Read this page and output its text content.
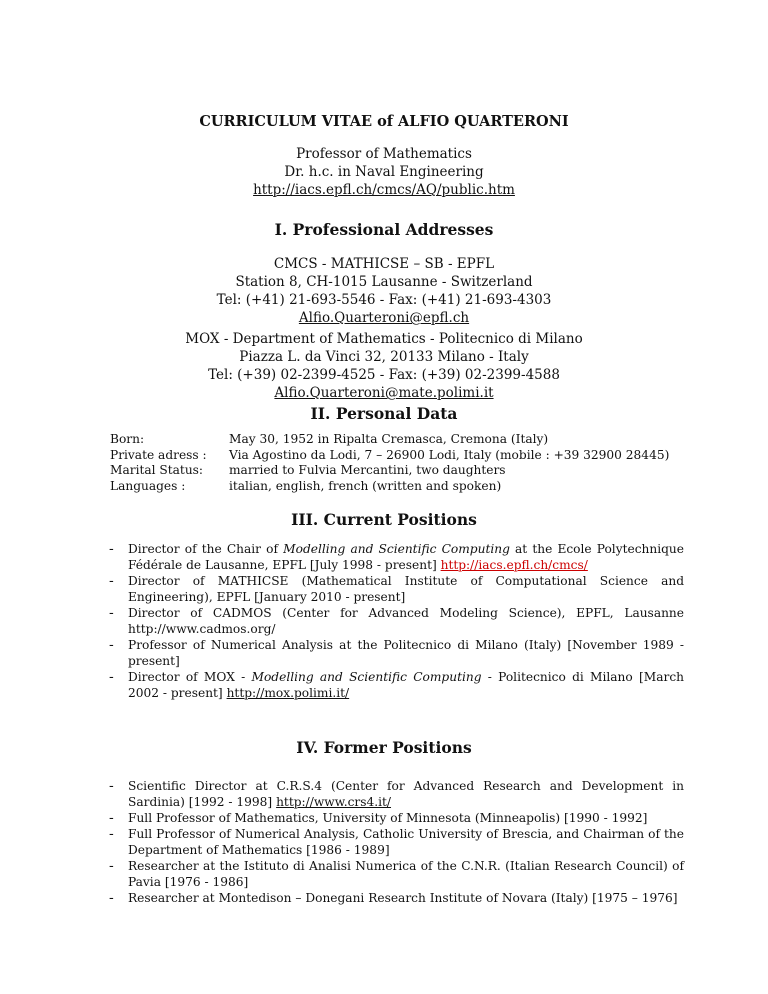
CURRICULUM VITAE of ALFIO QUARTERONI
Professor of Mathematics
Dr. h.c. in Naval Engineering
http://iacs.epfl.ch/cmcs/AQ/public.htm
I. Professional Addresses
CMCS - MATHICSE – SB - EPFL
Station 8, CH-1015 Lausanne - Switzerland
Tel: (+41) 21-693-5546 - Fax: (+41) 21-693-4303
Alfio.Quarteroni@epfl.ch
MOX - Department of Mathematics - Politecnico di Milano
Piazza L. da Vinci 32, 20133 Milano - Italy
Tel: (+39) 02-2399-4525 - Fax: (+39) 02-2399-4588
Alfio.Quarteroni@mate.polimi.it
II. Personal Data
Born:	May 30, 1952 in Ripalta Cremasca, Cremona (Italy)
Private adress :	Via Agostino da Lodi, 7 – 26900 Lodi, Italy (mobile : +39 32900 28445)
Marital Status:	married to Fulvia Mercantini, two daughters
Languages :	italian, english, french (written and spoken)
III. Current Positions
- Director of the Chair of Modelling and Scientific Computing at the Ecole Polytechnique Fédérale de Lausanne, EPFL [July 1998 - present] http://iacs.epfl.ch/cmcs/
- Director of MATHICSE (Mathematical Institute of Computational Science and Engineering), EPFL [January 2010 - present]
- Director of CADMOS (Center for Advanced Modeling Science), EPFL, Lausanne http://www.cadmos.org/
- Professor of Numerical Analysis at the Politecnico di Milano (Italy) [November 1989 - present]
- Director of MOX - Modelling and Scientific Computing - Politecnico di Milano [March 2002 - present] http://mox.polimi.it/
IV. Former Positions
- Scientific Director at C.R.S.4 (Center for Advanced Research and Development in Sardinia) [1992 - 1998] http://www.crs4.it/
- Full Professor of Mathematics, University of Minnesota (Minneapolis) [1990 - 1992]
- Full Professor of Numerical Analysis, Catholic University of Brescia, and Chairman of the Department of Mathematics [1986 - 1989]
- Researcher at the Istituto di Analisi Numerica of the C.N.R. (Italian Research Council) of Pavia [1976 - 1986]
- Researcher at Montedison – Donegani Research Institute of Novara (Italy) [1975 – 1976]
